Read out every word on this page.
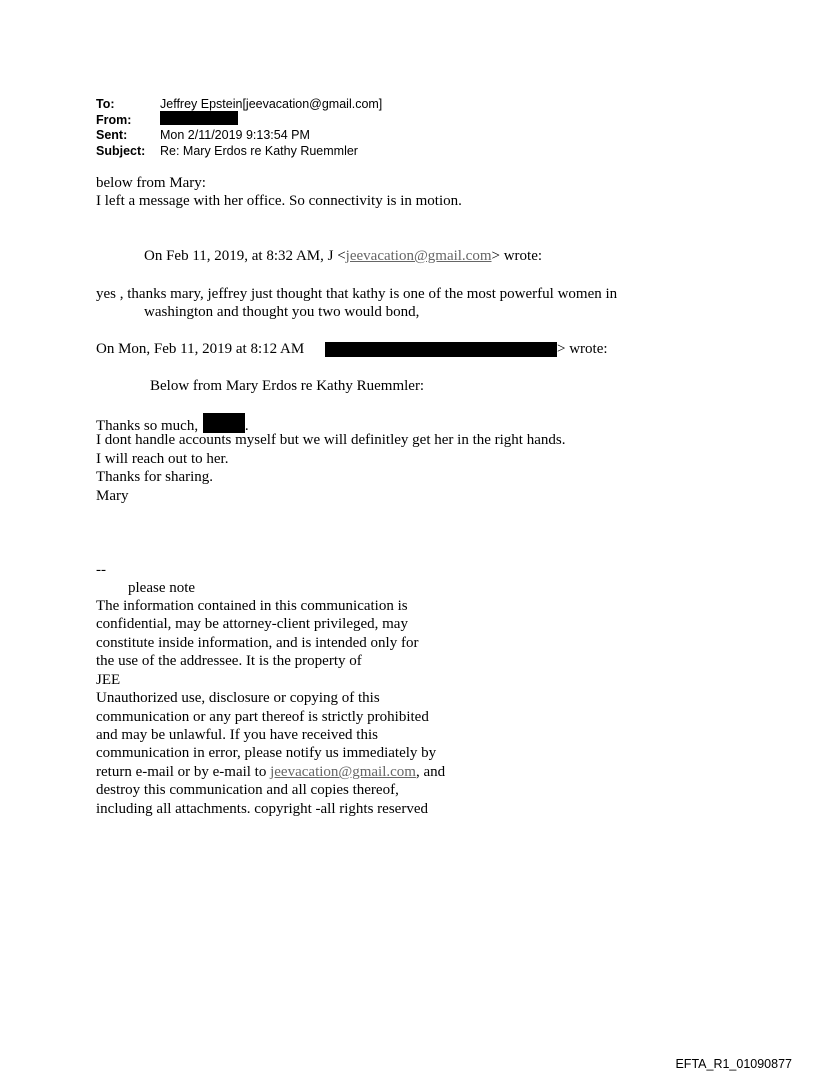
To:	Jeffrey Epstein[jeevacation@gmail.com]
From:
Sent:	Mon 2/11/2019 9:13:54 PM
Subject: Re: Mary Erdos re Kathy Ruemmler
below from Mary:
I left a message with her office. So connectivity is in motion.
On Feb 11, 2019, at 8:32 AM, J <jeevacation@gmail.com> wrote:
yes , thanks mary, jeffrey just thought that kathy is one of the most powerful women in
washington and thought you two would bond,
On Mon, Feb 11, 2019 at 8:12 AM	> wrote:
Below from Mary Erdos re Kathy Ruemmler:
Thanks so much,	.
I dont handle accounts myself but we will definitley get her in the right hands.
I will reach out to her.
Thanks for sharing.
Mary
--
please note
The information contained in this communication is
confidential, may be attorney-client privileged, may
constitute inside information, and is intended only for
the use of the addressee. It is the property of
JEE
Unauthorized use, disclosure or copying of this
communication or any part thereof is strictly prohibited
and may be unlawful. If you have received this
communication in error, please notify us immediately by
return e-mail or by e-mail to jeevacation@gmail.com, and
destroy this communication and all copies thereof,
including all attachments. copyright -all rights reserved
EFTA_R1_01090877
